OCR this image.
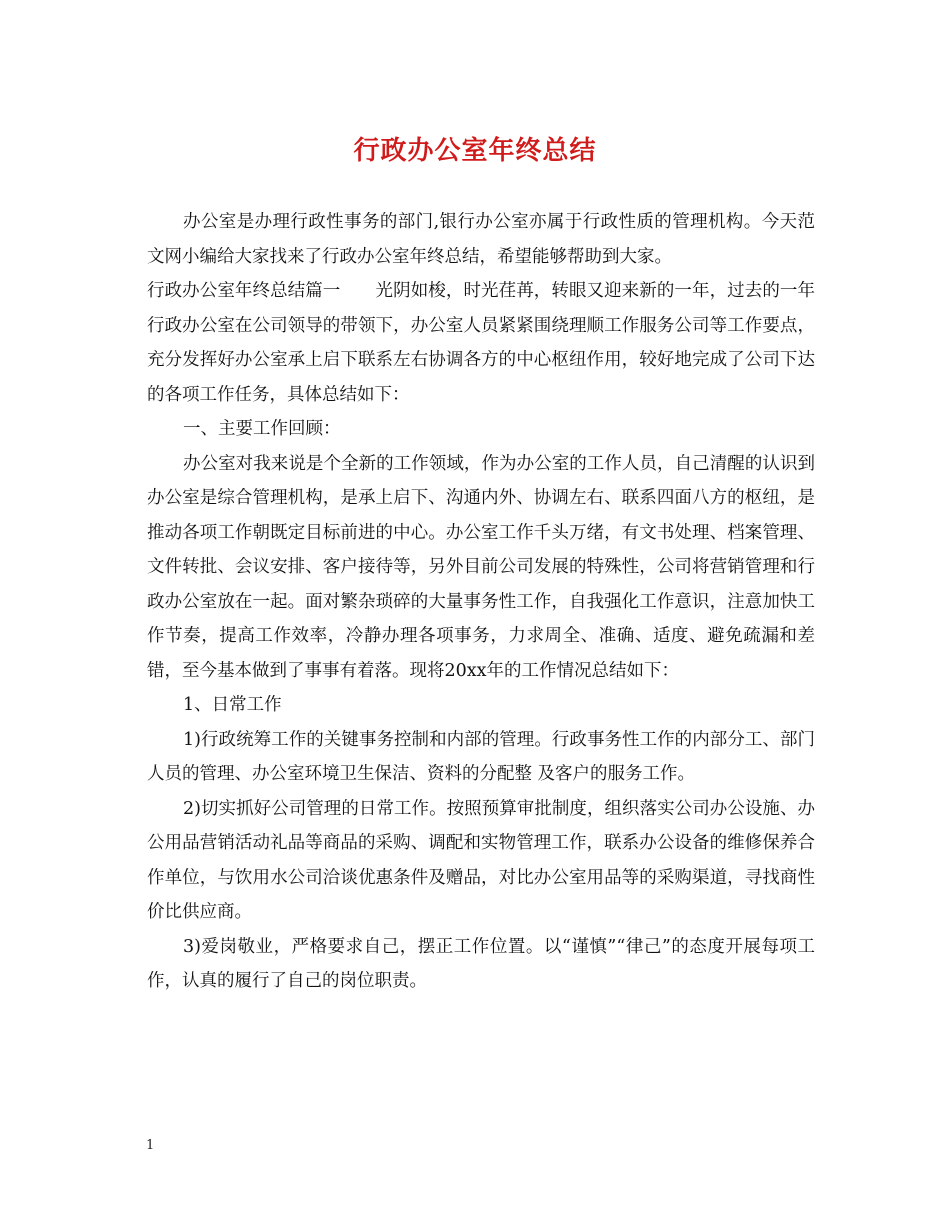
行政办公室年终总结

办公室是办理行政性事务的部门,银行办公室亦属于行政性质的管理机构。今天范文网小编给大家找来了行政办公室年终总结，希望能够帮助到大家。

行政办公室年终总结篇一　　光阴如梭，时光荏苒，转眼又迎来新的一年，过去的一年行政办公室在公司领导的带领下，办公室人员紧紧围绕理顺工作服务公司等工作要点，充分发挥好办公室承上启下联系左右协调各方的中心枢纽作用，较好地完成了公司下达的各项工作任务，具体总结如下：

一、主要工作回顾：

办公室对我来说是个全新的工作领域，作为办公室的工作人员，自己清醒的认识到办公室是综合管理机构，是承上启下、沟通内外、协调左右、联系四面八方的枢纽，是推动各项工作朝既定目标前进的中心。办公室工作千头万绪，有文书处理、档案管理、文件转批、会议安排、客户接待等，另外目前公司发展的特殊性，公司将营销管理和行政办公室放在一起。面对繁杂琐碎的大量事务性工作，自我强化工作意识，注意加快工作节奏，提高工作效率，冷静办理各项事务，力求周全、准确、适度、避免疏漏和差错，至今基本做到了事事有着落。现将20xx年的工作情况总结如下：

1、日常工作

1)行政统筹工作的关键事务控制和内部的管理。行政事务性工作的内部分工、部门人员的管理、办公室环境卫生保洁、资料的分配整 及客户的服务工作。

2)切实抓好公司管理的日常工作。按照预算审批制度，组织落实公司办公设施、办公用品营销活动礼品等商品的采购、调配和实物管理工作，联系办公设备的维修保养合作单位，与饮用水公司洽谈优惠条件及赠品，对比办公室用品等的采购渠道，寻找商性价比供应商。

3)爱岗敬业，严格要求自己，摆正工作位置。以“谨慎”“律己”的态度开展每项工作，认真的履行了自己的岗位职责。

1
